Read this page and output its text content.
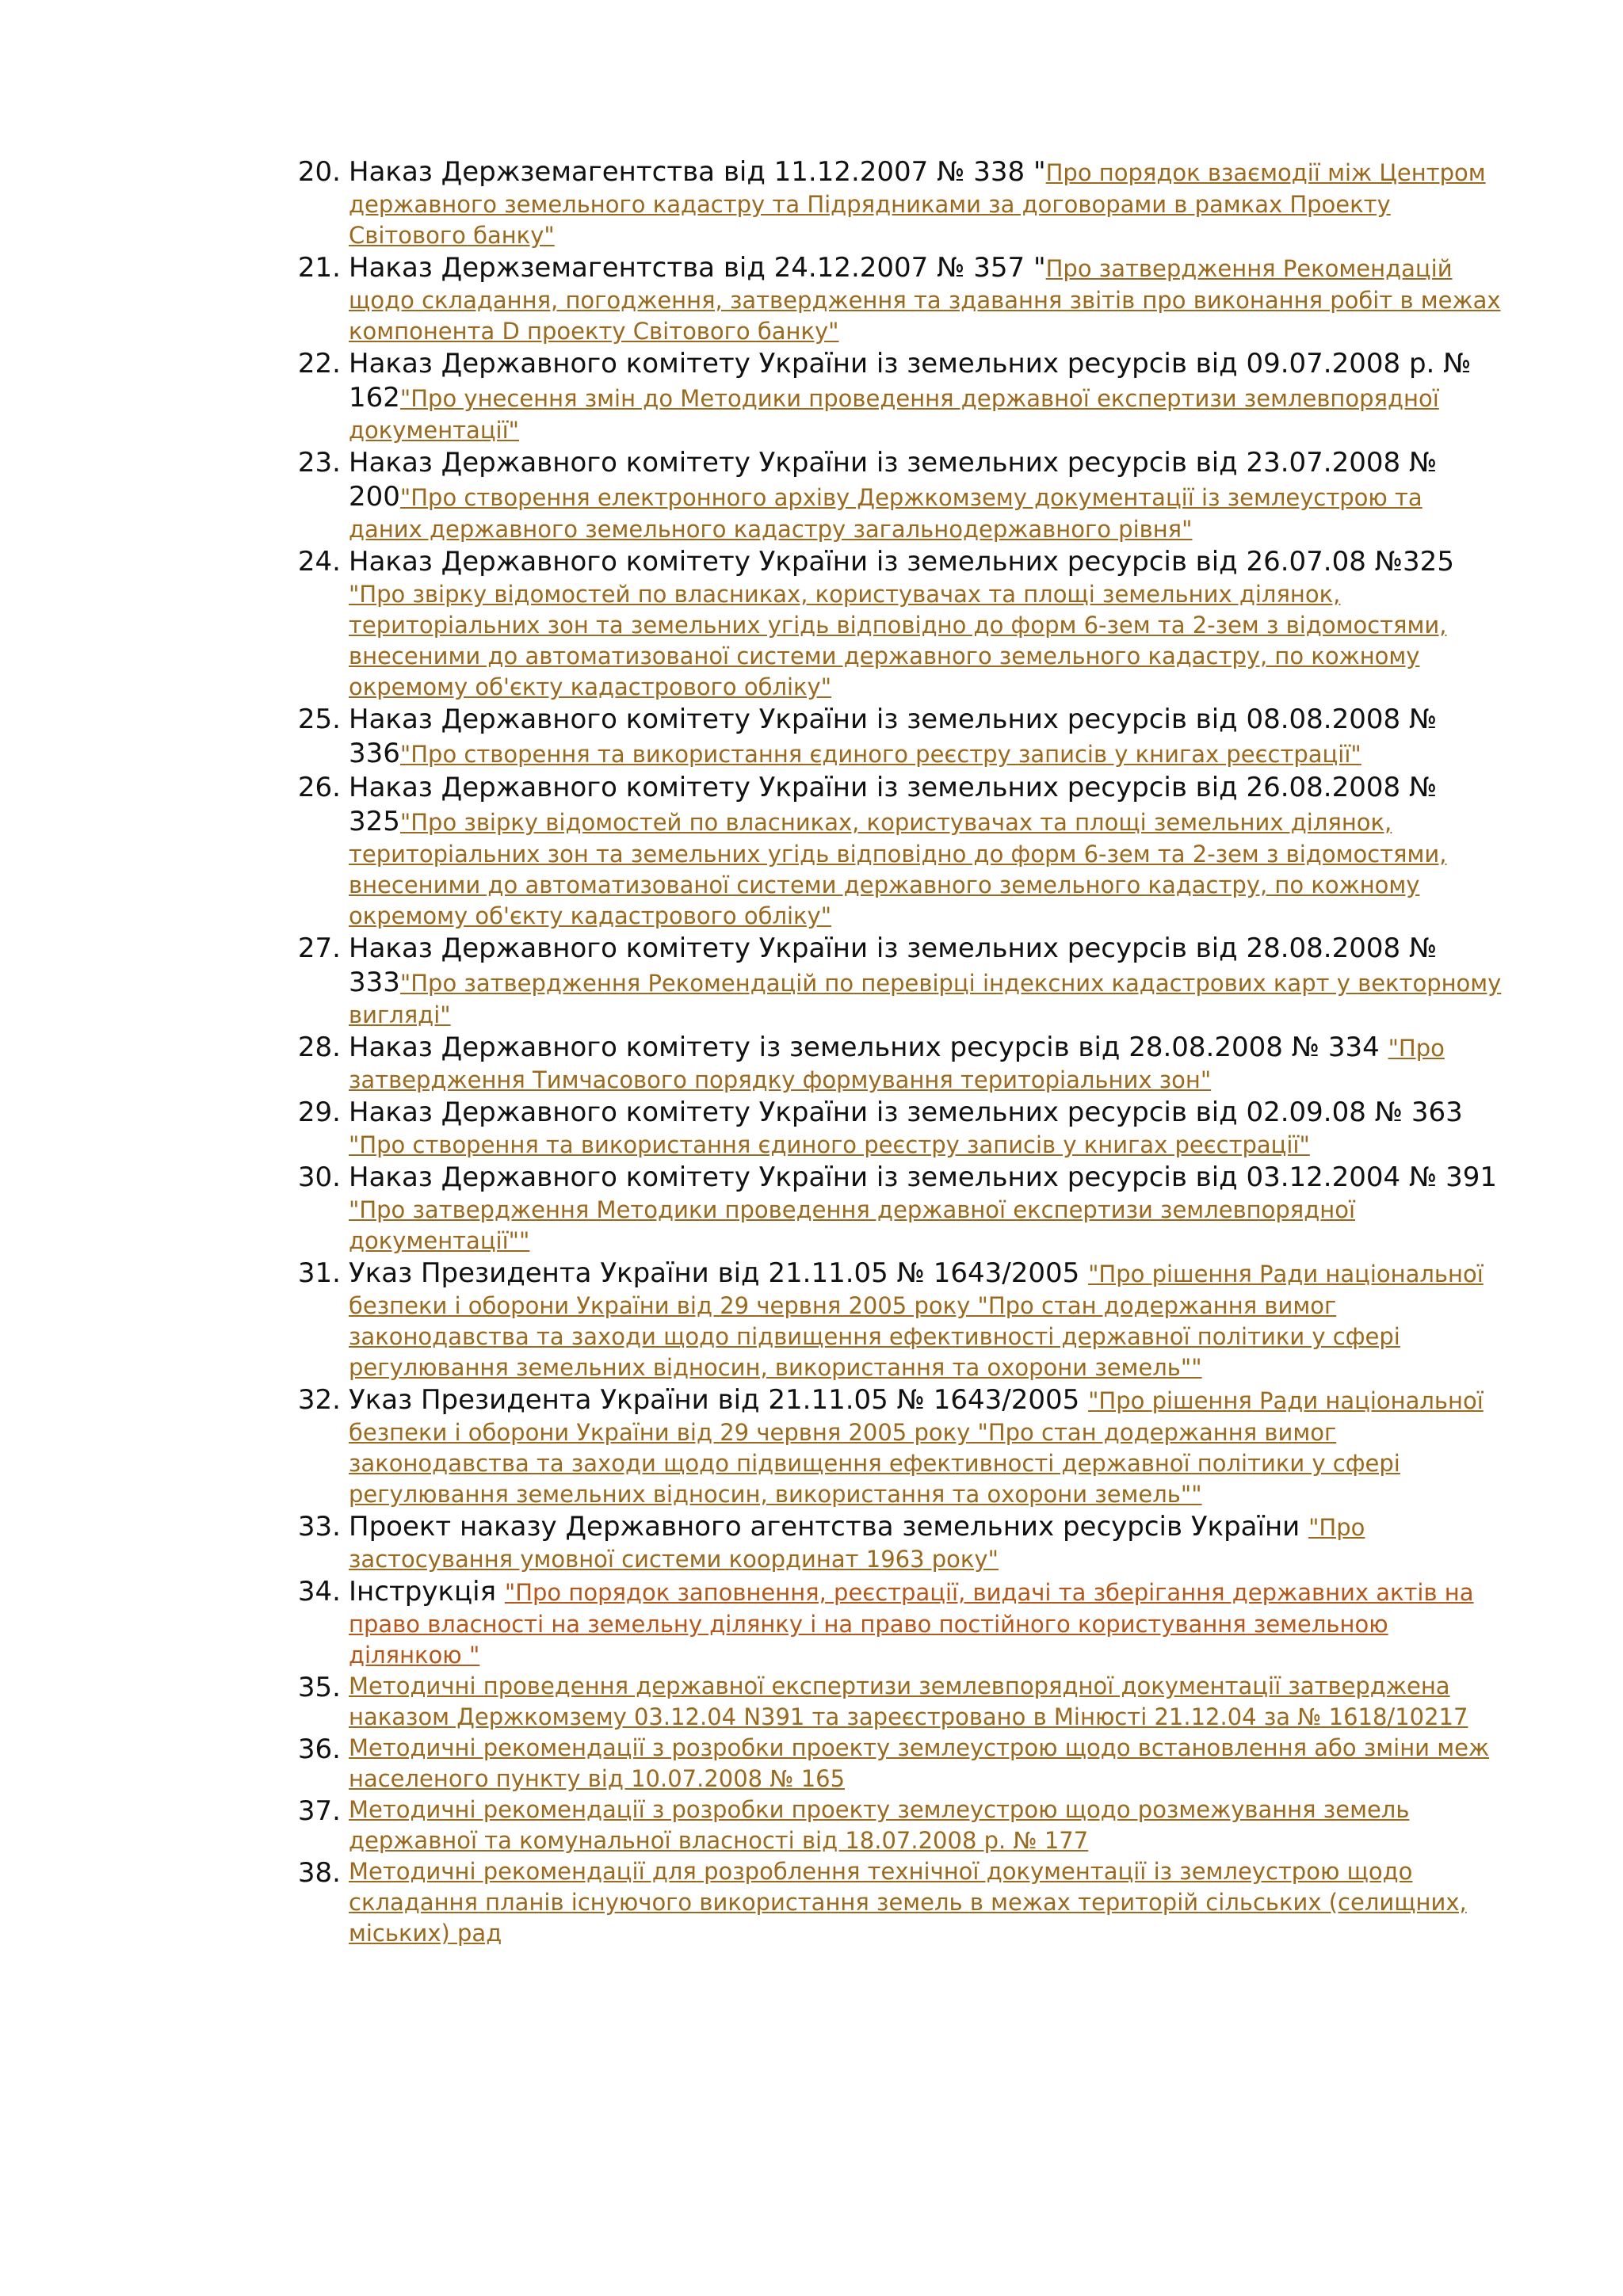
20. Наказ Держземагентства від 11.12.2007 № 338 "Про порядок взаємодії між Центром державного земельного кадастру та Підрядниками за договорами в рамках Проекту Світового банку"
21. Наказ Держземагентства від 24.12.2007 № 357 "Про затвердження Рекомендацій щодо складання, погодження, затвердження та здавання звітів про виконання робіт в межах компонента D проекту Світового банку"
22. Наказ Державного комітету України із земельних ресурсів від 09.07.2008 р. № 162"Про унесення змін до Методики проведення державної експертизи землевпорядної документації"
23. Наказ Державного комітету України із земельних ресурсів від 23.07.2008 № 200"Про створення електронного архіву Держкомзему документації із землеустрою та даних державного земельного кадастру загальнодержавного рівня"
24. Наказ Державного комітету України із земельних ресурсів від 26.07.08 №325 "Про звірку відомостей по власниках, користувачах та площі земельних ділянок, територіальних зон та земельних угідь відповідно до форм 6-зем та 2-зем з відомостями, внесеними до автоматизованої системи державного земельного кадастру, по кожному окремому об'єкту кадастрового обліку"
25. Наказ Державного комітету України із земельних ресурсів від 08.08.2008 № 336"Про створення та використання єдиного реєстру записів у книгах реєстрації"
26. Наказ Державного комітету України із земельних ресурсів від 26.08.2008 № 325"Про звірку відомостей по власниках, користувачах та площі земельних ділянок, територіальних зон та земельних угідь відповідно до форм 6-зем та 2-зем з відомостями, внесеними до автоматизованої системи державного земельного кадастру, по кожному окремому об'єкту кадастрового обліку"
27. Наказ Державного комітету України із земельних ресурсів від 28.08.2008 № 333"Про затвердження Рекомендацій по перевірці індексних кадастрових карт у векторному вигляді"
28. Наказ Державного комітету із земельних ресурсів від 28.08.2008 № 334 "Про затвердження Тимчасового порядку формування територіальних зон"
29. Наказ Державного комітету України із земельних ресурсів від 02.09.08 № 363 "Про створення та використання єдиного реєстру записів у книгах реєстрації"
30. Наказ Державного комітету України із земельних ресурсів від 03.12.2004 № 391 "Про затвердження Методики проведення державної експертизи землевпорядної документації""
31. Указ Президента України від 21.11.05 № 1643/2005 "Про рішення Ради національної безпеки і оборони України від 29 червня 2005 року "Про стан додержання вимог законодавства та заходи щодо підвищення ефективності державної політики у сфері регулювання земельних відносин, використання та охорони земель""
32. Указ Президента України від 21.11.05 № 1643/2005 "Про рішення Ради національної безпеки і оборони України від 29 червня 2005 року "Про стан додержання вимог законодавства та заходи щодо підвищення ефективності державної політики у сфері регулювання земельних відносин, використання та охорони земель""
33. Проект наказу Державного агентства земельних ресурсів України "Про застосування умовної системи координат 1963 року"
34. Інструкція "Про порядок заповнення, реєстрації, видачі та зберігання державних актів на право власності на земельну ділянку і на право постійного користування земельною ділянкою "
35. Методичні проведення державної експертизи землевпорядної документації затверджена наказом Держкомзему 03.12.04 N391 та зареєстровано в Мінюсті 21.12.04 за № 1618/10217
36. Методичні рекомендації з розробки проекту землеустрою щодо встановлення або зміни меж населеного пункту від 10.07.2008 № 165
37. Методичні рекомендації з розробки проекту землеустрою щодо розмежування земель державної та комунальної власності від 18.07.2008 р. № 177
38. Методичні рекомендації для розроблення технічної документації із землеустрою щодо складання планів існуючого використання земель в межах територій сільських (селищних, міських) рад
